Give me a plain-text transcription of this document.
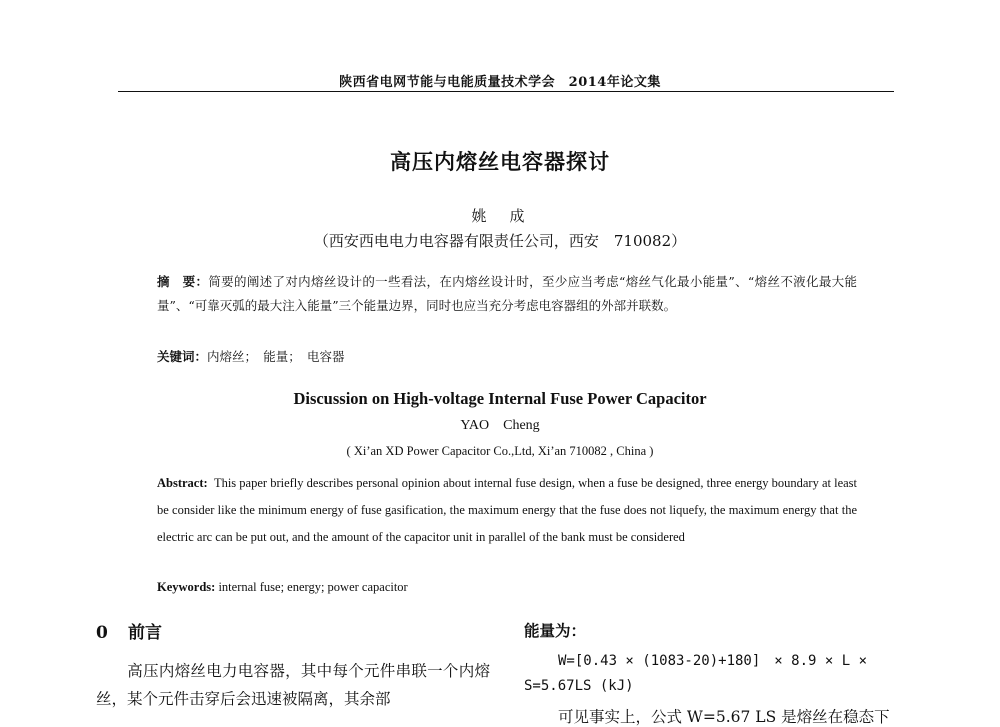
陕西省电网节能与电能质量技术学会　2014年论文集
高压内熔丝电容器探讨
姚　成
（西安西电电力电容器有限责任公司，西安　710082）
摘　要：简要的阐述了对内熔丝设计的一些看法，在内熔丝设计时，至少应当考虑“熔丝气化最小能量”、“熔丝不液化最大能量”、“可靠灭弧的最大注入能量”三个能量边界，同时也应当充分考虑电容器组的外部并联数。
关键词：内熔丝；　能量；　电容器
Discussion on High-voltage Internal Fuse Power Capacitor
YAO　Cheng
( Xi’an XD Power Capacitor Co.,Ltd, Xi’an 710082 , China )
Abstract: This paper briefly describes personal opinion about internal fuse design, when a fuse be designed, three energy boundary at least be consider like the minimum energy of fuse gasification, the maximum energy that the fuse does not liquefy, the maximum energy that the electric arc can be put out, and the amount of the capacitor unit in parallel of the bank must be considered
Keywords: internal fuse; energy; power capacitor
0 前言
高压内熔丝电力电容器，其中每个元件串联一个内熔丝，某个元件击穿后会迅速被隔离，其余部
能量为：
W=[0.43 × (1083-20)+180]　× 8.9 × L ×
S=5.67LS (kJ)
可见事实上，公式 W=5.67 LS 是熔丝在稳态下
